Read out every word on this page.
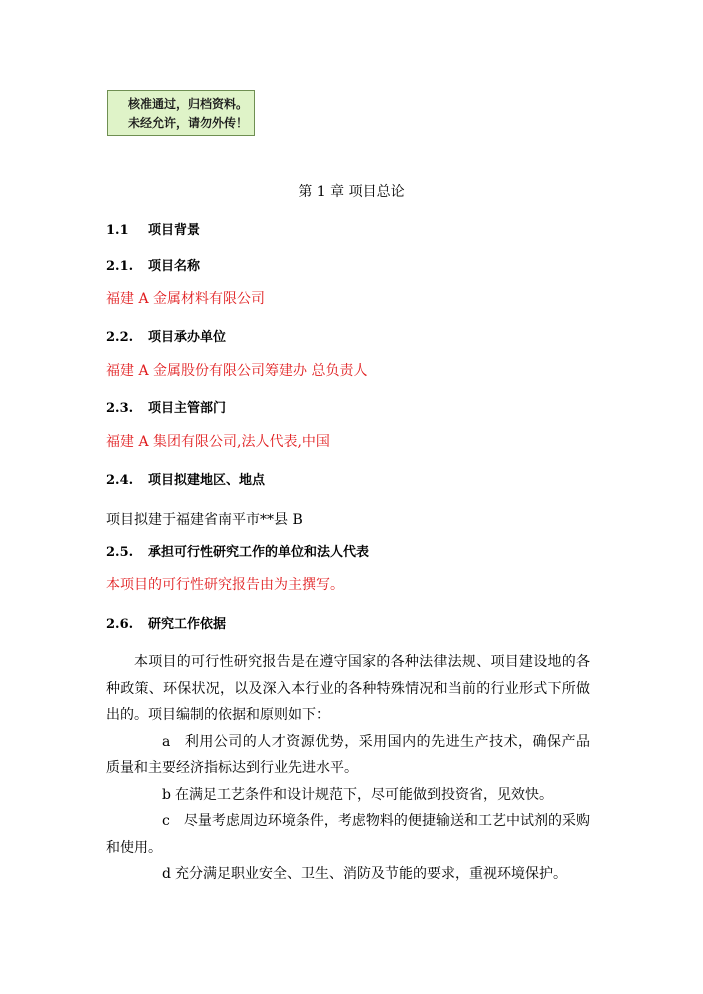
核准通过，归档资料。
未经允许，请勿外传！
第 1 章 项目总论
1.1 项目背景
2.1. 项目名称
福建 A 金属材料有限公司
2.2. 项目承办单位
福建 A 金属股份有限公司筹建办 总负责人
2.3. 项目主管部门
福建 A 集团有限公司,法人代表,中国
2.4. 项目拟建地区、地点
项目拟建于福建省南平市**县 B
2.5. 承担可行性研究工作的单位和法人代表
本项目的可行性研究报告由为主撰写。
2.6. 研究工作依据

本项目的可行性研究报告是在遵守国家的各种法律法规、项目建设地的各种政策、环保状况，以及深入本行业的各种特殊情况和当前的行业形式下所做出的。项目编制的依据和原则如下：

a 利用公司的人才资源优势，采用国内的先进生产技术，确保产品质量和主要经济指标达到行业先进水平。

b 在满足工艺条件和设计规范下，尽可能做到投资省，见效快。

c 尽量考虑周边环境条件，考虑物料的便捷输送和工艺中试剂的采购和使用。

d 充分满足职业安全、卫生、消防及节能的要求，重视环境保护。
